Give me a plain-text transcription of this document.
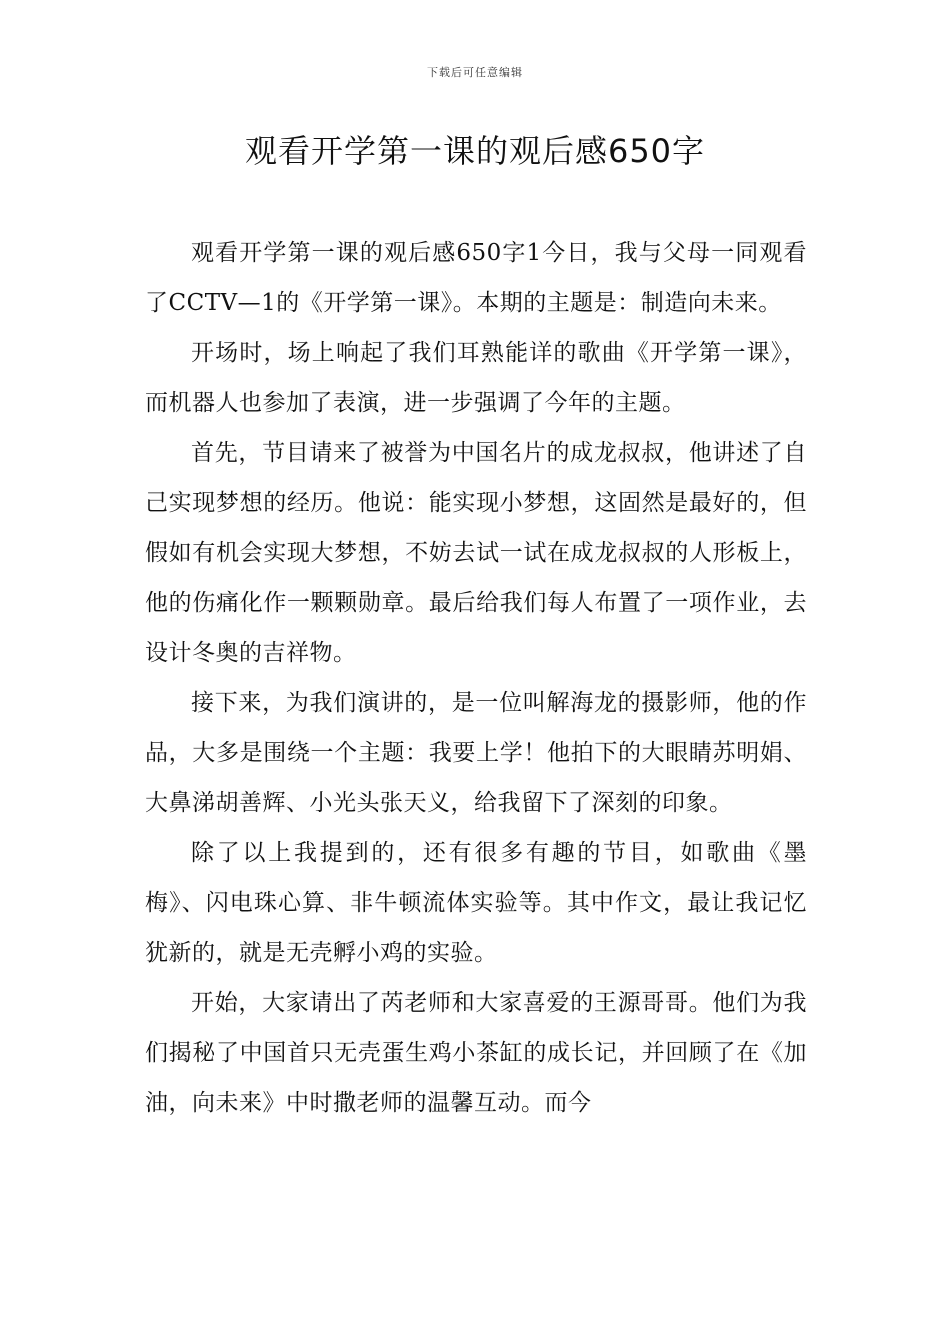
下载后可任意编辑
观看开学第一课的观后感650字

观看开学第一课的观后感650字1今日，我与父母一同观看了CCTV—1的《开学第一课》。本期的主题是：制造向未来。

开场时，场上响起了我们耳熟能详的歌曲《开学第一课》，而机器人也参加了表演，进一步强调了今年的主题。

首先，节目请来了被誉为中国名片的成龙叔叔，他讲述了自己实现梦想的经历。他说：能实现小梦想，这固然是最好的，但假如有机会实现大梦想，不妨去试一试在成龙叔叔的人形板上，他的伤痛化作一颗颗勋章。最后给我们每人布置了一项作业，去设计冬奥的吉祥物。

接下来，为我们演讲的，是一位叫解海龙的摄影师，他的作品，大多是围绕一个主题：我要上学！他拍下的大眼睛苏明娟、大鼻涕胡善辉、小光头张天义，给我留下了深刻的印象。

除了以上我提到的，还有很多有趣的节目，如歌曲《墨梅》、闪电珠心算、非牛顿流体实验等。其中作文，最让我记忆犹新的，就是无壳孵小鸡的实验。

开始，大家请出了芮老师和大家喜爱的王源哥哥。他们为我们揭秘了中国首只无壳蛋生鸡小茶缸的成长记，并回顾了在《加油，向未来》中时撒老师的温馨互动。而今
